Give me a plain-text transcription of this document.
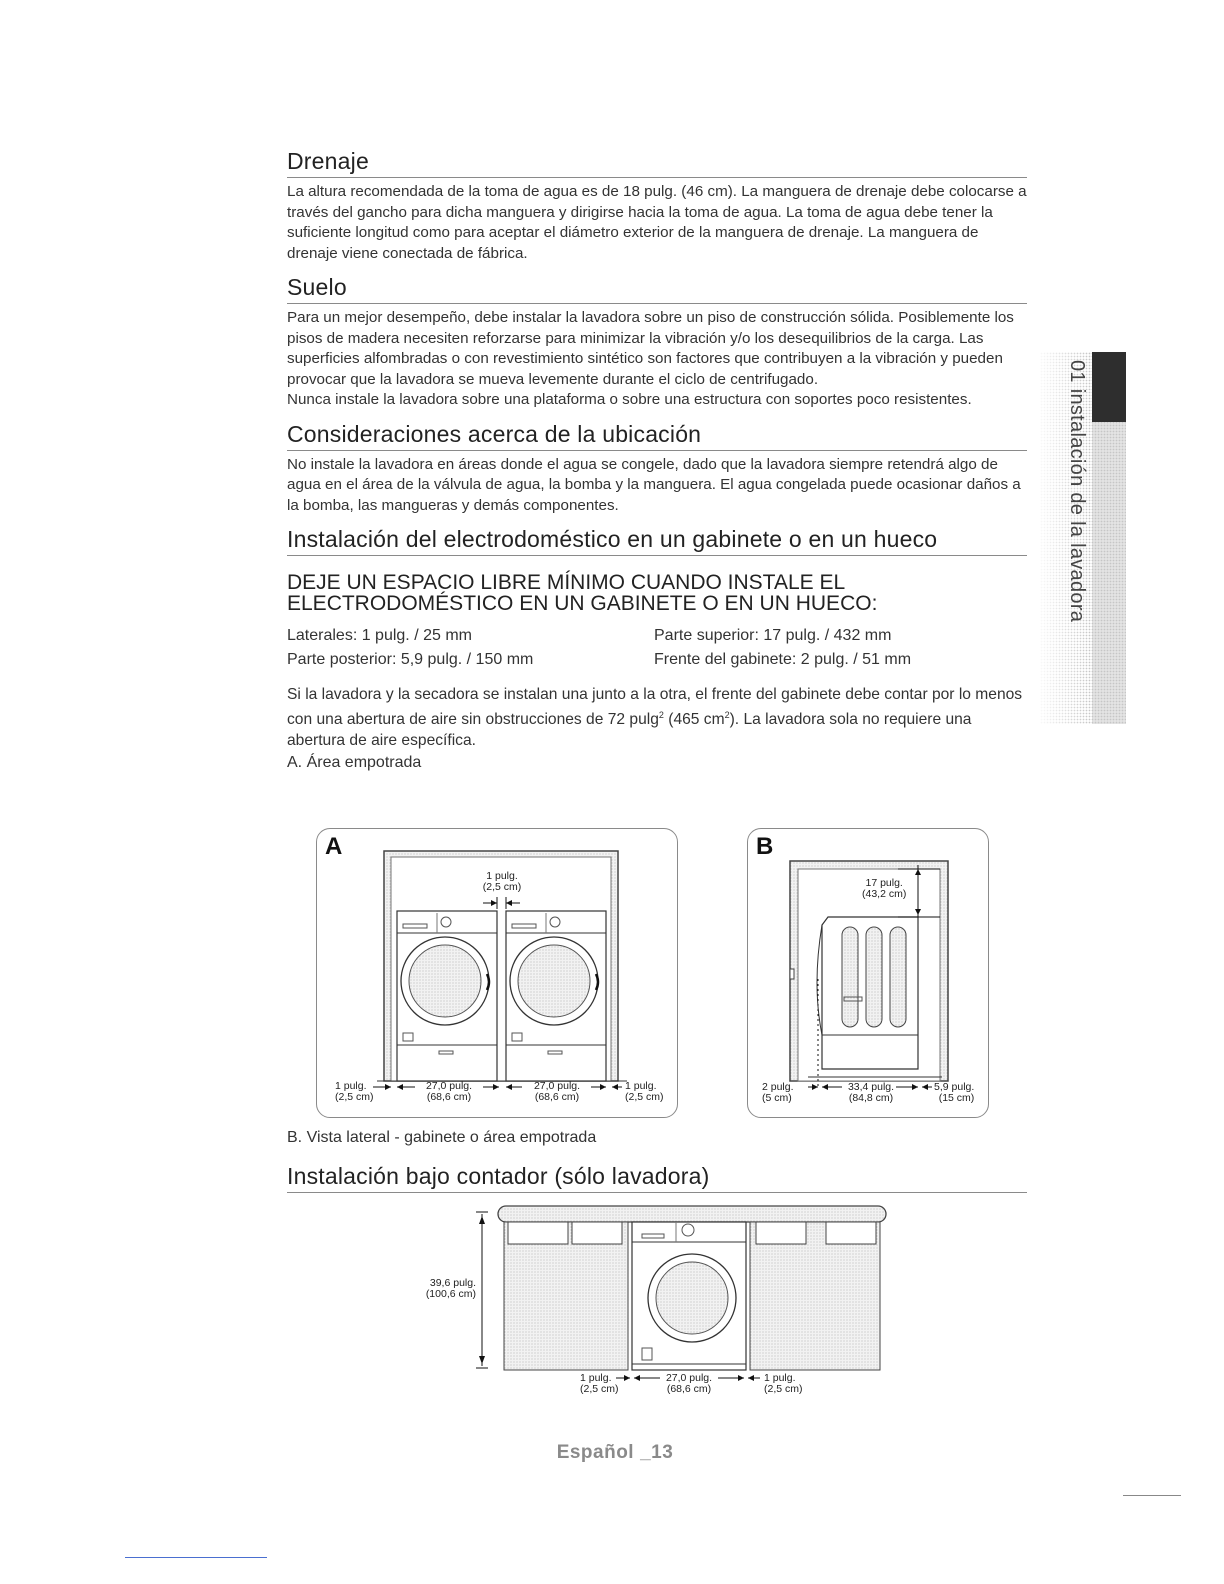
Drenaje

La altura recomendada de la toma de agua es de 18 pulg. (46 cm). La manguera de drenaje debe colocarse a través del gancho para dicha manguera y dirigirse hacia la toma de agua. La toma de agua debe tener la suficiente longitud como para aceptar el diámetro exterior de la manguera de drenaje. La manguera de drenaje viene conectada de fábrica.

Suelo

Para un mejor desempeño, debe instalar la lavadora sobre un piso de construcción sólida. Posiblemente los pisos de madera necesiten reforzarse para minimizar la vibración y/o los desequilibrios de la carga. Las superficies alfombradas o con revestimiento sintético son factores que contribuyen a la vibración y pueden provocar que la lavadora se mueva levemente durante el ciclo de centrifugado.

Nunca instale la lavadora sobre una plataforma o sobre una estructura con soportes poco resistentes.

Consideraciones acerca de la ubicación

No instale la lavadora en áreas donde el agua se congele, dado que la lavadora siempre retendrá algo de agua en el área de la válvula de agua, la bomba y la manguera. El agua congelada puede ocasionar daños a la bomba, las mangueras y demás componentes.

Instalación del electrodoméstico en un gabinete o en un hueco
DEJE UN ESPACIO LIBRE MÍNIMO CUANDO INSTALE EL
ELECTRODOMÉSTICO EN UN GABINETE O EN UN HUECO:
Laterales: 1 pulg. / 25 mm
Parte posterior: 5,9 pulg. / 150 mm
Parte superior: 17 pulg. / 432 mm
Frente del gabinete: 2 pulg. / 51 mm

Si la lavadora y la secadora se instalan una junto a la otra, el frente del gabinete debe contar por lo menos con una abertura de aire sin obstrucciones de 72 pulg$^2$ (465 $cm^2$). La lavadora sola no requiere una abertura de aire específica.

A. Área empotrada
A
1 pulg.
(2,5 cm)
1 pulg.
(2,5 cm)
27,0 pulg.
(68,6 cm)
27,0 pulg.
(68,6 cm)
1 pulg.
(2,5 cm)
B
17 pulg.
(43,2 cm)
2 pulg.
(5 cm)
33,4 pulg.
(84,8 cm)
5,9 pulg.
(15 cm)
B. Vista lateral - gabinete o área empotrada
Instalación bajo contador (sólo lavadora)
39,6 pulg.
(100,6 cm)
1 pulg.
(2,5 cm)
27,0 pulg.
(68,6 cm)
1 pulg.
(2,5 cm)
01 instalación de la lavadora
Español _13
